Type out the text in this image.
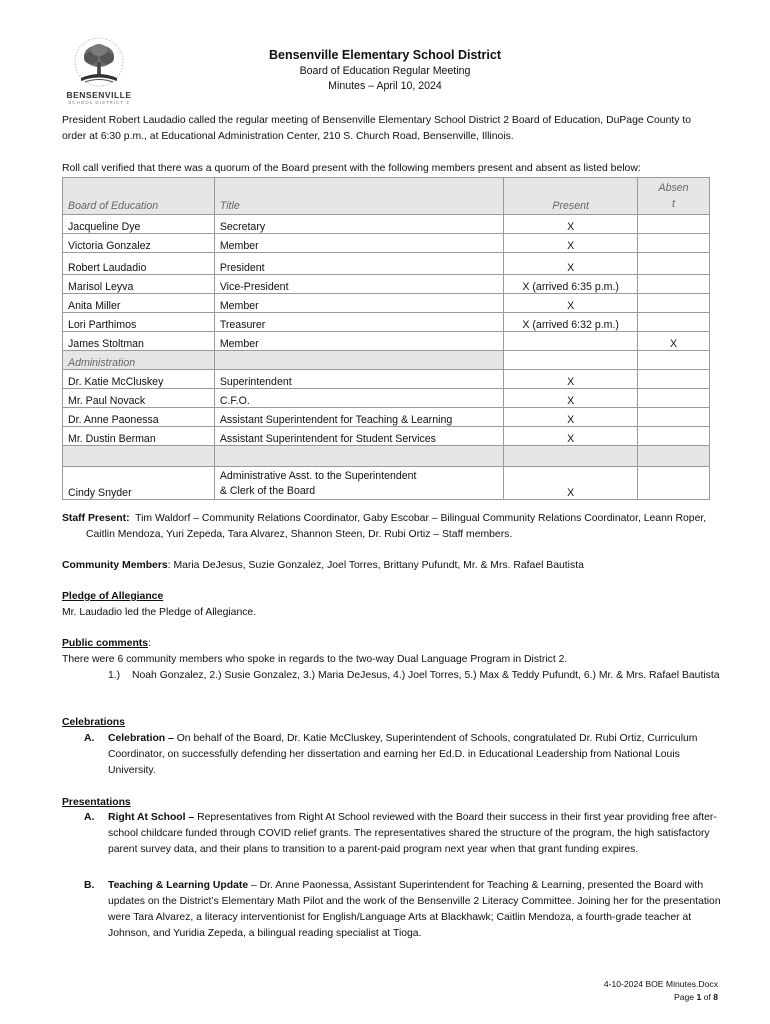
BENSENVILLE
SCHOOL DISTRICT 2
Bensenville Elementary School District
Board of Education Regular Meeting
Minutes – April 10, 2024
President Robert Laudadio called the regular meeting of Bensenville Elementary School District 2 Board of Education, DuPage County to order at 6:30 p.m., at Educational Administration Center, 210 S. Church Road, Bensenville, Illinois.
Roll call verified that there was a quorum of the Board present with the following members present and absent as listed below:
Board of Education	Title	Present	Absen
t
Jacqueline Dye	Secretary	X	
Victoria Gonzalez	Member	X	
Robert Laudadio	President	X	
Marisol Leyva	Vice-President	X (arrived 6:35 p.m.)	
Anita Miller	Member	X	
Lori Parthimos	Treasurer	X (arrived 6:32 p.m.)	
James Stoltman	Member		X
Administration			
Dr. Katie McCluskey	Superintendent	X	
Mr. Paul Novack	C.F.O.	X	
Dr. Anne Paonessa	Assistant Superintendent for Teaching & Learning	X	
Mr. Dustin Berman	Assistant Superintendent for Student Services	X	

Cindy Snyder	Administrative Asst. to the Superintendent
& Clerk of the Board	X	
Staff Present: Tim Waldorf – Community Relations Coordinator, Gaby Escobar – Bilingual Community Relations Coordinator, Leann Roper, Caitlin Mendoza, Yuri Zepeda, Tara Alvarez, Shannon Steen, Dr. Rubi Ortiz – Staff members.
Community Members: Maria DeJesus, Suzie Gonzalez, Joel Torres, Brittany Pufundt, Mr. & Mrs. Rafael Bautista
Pledge of Allegiance
Mr. Laudadio led the Pledge of Allegiance.
Public comments:
There were 6 community members who spoke in regards to the two-way Dual Language Program in District 2.
1.) Noah Gonzalez, 2.) Susie Gonzalez, 3.) Maria DeJesus, 4.) Joel Torres, 5.) Max & Teddy Pufundt, 6.) Mr. & Mrs. Rafael Bautista
Celebrations
A. Celebration – On behalf of the Board, Dr. Katie McCluskey, Superintendent of Schools, congratulated Dr. Rubi Ortiz, Curriculum Coordinator, on successfully defending her dissertation and earning her Ed.D. in Educational Leadership from National Louis University.
Presentations
A. Right At School – Representatives from Right At School reviewed with the Board their success in their first year providing free after-school childcare funded through COVID relief grants. The representatives shared the structure of the program, the high satisfactory parent survey data, and their plans to transition to a parent-paid program next year when that grant funding expires.
B. Teaching & Learning Update – Dr. Anne Paonessa, Assistant Superintendent for Teaching & Learning, presented the Board with updates on the District’s Elementary Math Pilot and the work of the Bensenville 2 Literacy Committee. Joining her for the presentation were Tara Alvarez, a literacy interventionist for English/Language Arts at Blackhawk; Caitlin Mendoza, a fourth-grade teacher at Johnson, and Yuridia Zepeda, a bilingual reading specialist at Tioga.
4-10-2024 BOE Minutes.Docx
Page 1 of 8
